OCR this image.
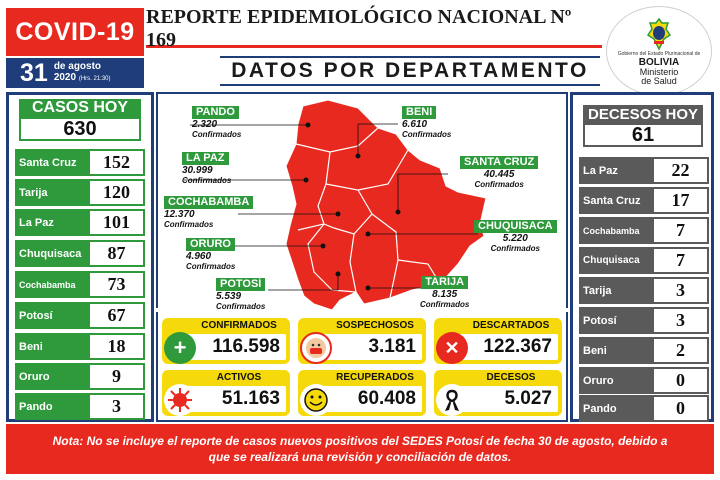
COVID-19
31 de agosto
2020 (Hrs. 21:30)
REPORTE EPIDEMIOLÓGICO NACIONAL Nº 169
DATOS POR DEPARTAMENTO
Gobierno del Estado Plurinacional de
BOLIVIA
Ministerio
de Salud
CASOS HOY
630
Santa Cruz	152
Tarija	120
La Paz	101
Chuquisaca	87
Cochabamba	73
Potosí	67
Beni	18
Oruro	9
Pando	3
PANDO
2.320
Confirmados
LA PAZ
30.999
Confirmados
COCHABAMBA
12.370
Confirmados
ORURO
4.960
Confirmados
POTOSÍ
5.539
Confirmados
BENI
6.610
Confirmados
SANTA CRUZ
40.445
Confirmados
CHUQUISACA
5.220
Confirmados
TARIJA
8.135
Confirmados
CONFIRMADOS
116.598
+
SOSPECHOSOS
3.181
DESCARTADOS
122.367
✕
ACTIVOS
51.163
RECUPERADOS
60.408
DECESOS
5.027
DECESOS HOY
61
La Paz	22
Santa Cruz	17
Cochabamba	7
Chuquisaca	7
Tarija	3
Potosí	3
Beni	2
Oruro	0
Pando	0
Nota: No se incluye el reporte de casos nuevos positivos del SEDES Potosí de fecha 30 de agosto, debido a que se realizará una revisión y conciliación de datos.
